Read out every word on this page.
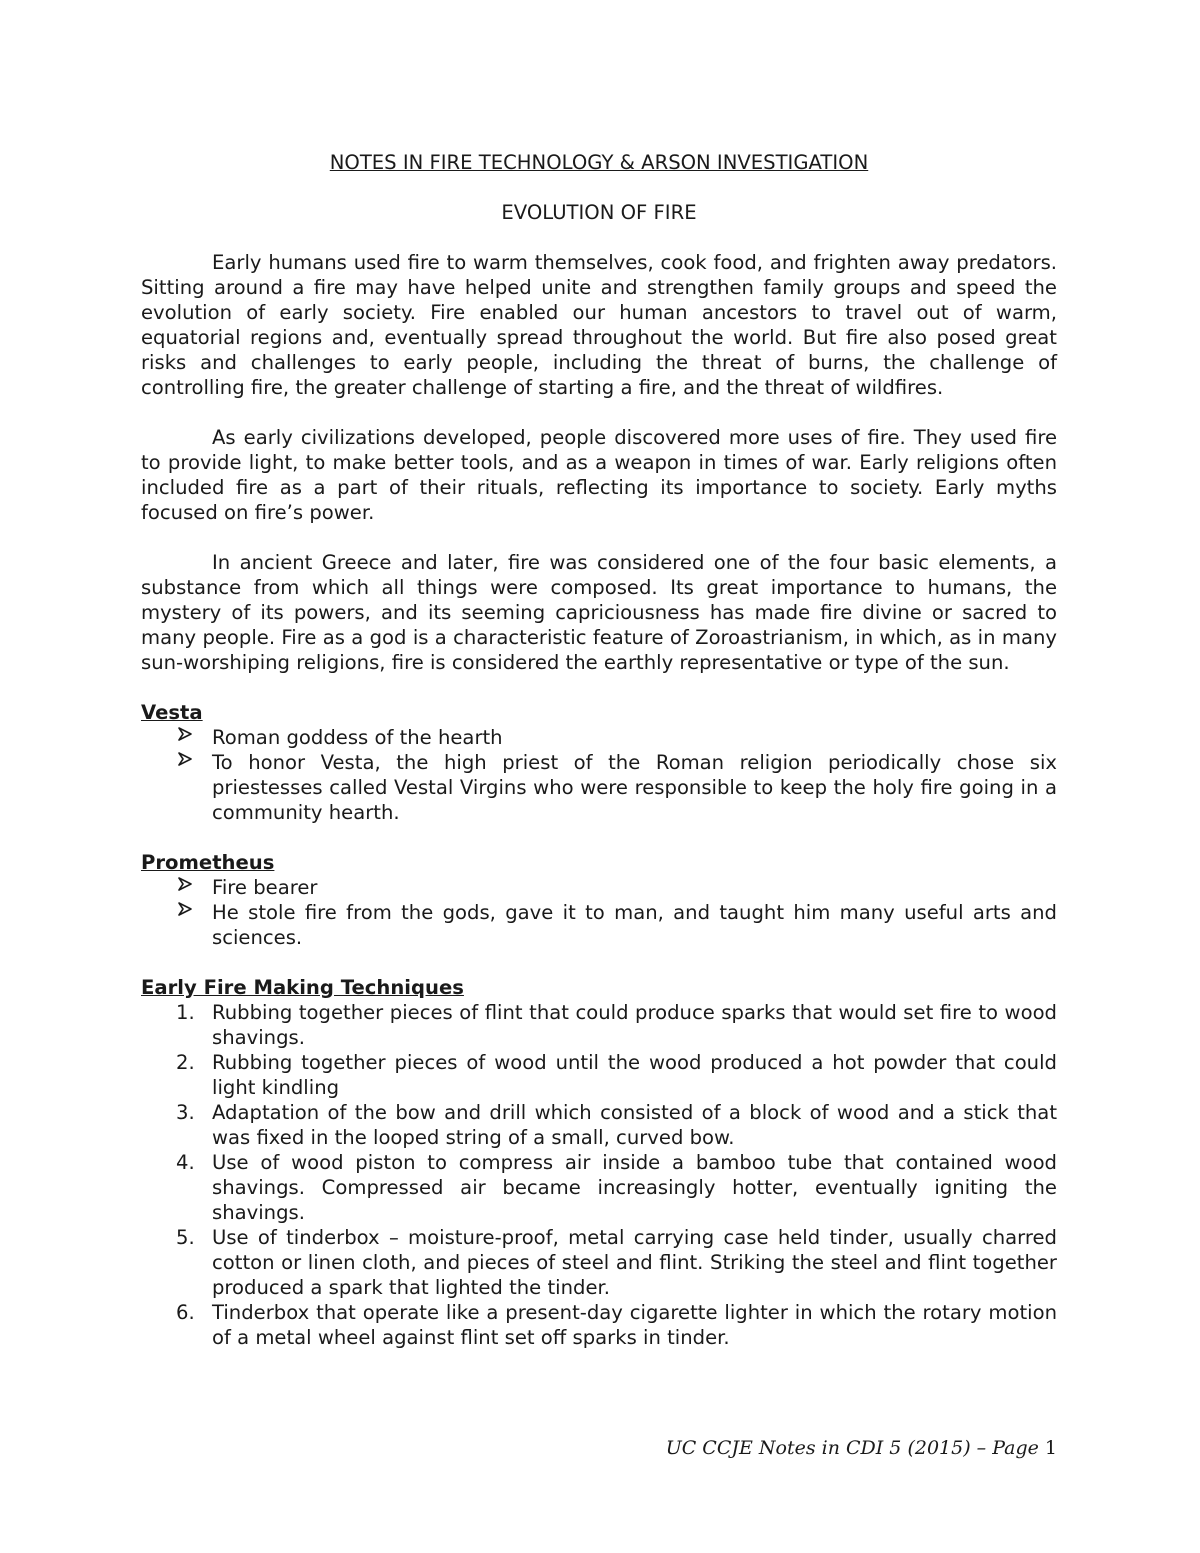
NOTES IN FIRE TECHNOLOGY & ARSON INVESTIGATION
EVOLUTION OF FIRE

Early humans used fire to warm themselves, cook food, and frighten away predators. Sitting around a fire may have helped unite and strengthen family groups and speed the evolution of early society. Fire enabled our human ancestors to travel out of warm, equatorial regions and, eventually spread throughout the world. But fire also posed great risks and challenges to early people, including the threat of burns, the challenge of controlling fire, the greater challenge of starting a fire, and the threat of wildfires.

As early civilizations developed, people discovered more uses of fire. They used fire to provide light, to make better tools, and as a weapon in times of war. Early religions often included fire as a part of their rituals, reflecting its importance to society. Early myths focused on fire’s power.

In ancient Greece and later, fire was considered one of the four basic elements, a substance from which all things were composed. Its great importance to humans, the mystery of its powers, and its seeming capriciousness has made fire divine or sacred to many people. Fire as a god is a characteristic feature of Zoroastrianism, in which, as in many sun-worshiping religions, fire is considered the earthly representative or type of the sun.

Vesta
Roman goddess of the hearth
To honor Vesta, the high priest of the Roman religion periodically chose six priestesses called Vestal Virgins who were responsible to keep the holy fire going in a community hearth.
Prometheus
Fire bearer
He stole fire from the gods, gave it to man, and taught him many useful arts and sciences.
Early Fire Making Techniques
1. Rubbing together pieces of flint that could produce sparks that would set fire to wood shavings.
2. Rubbing together pieces of wood until the wood produced a hot powder that could light kindling
3. Adaptation of the bow and drill which consisted of a block of wood and a stick that was fixed in the looped string of a small, curved bow.
4. Use of wood piston to compress air inside a bamboo tube that contained wood shavings. Compressed air became increasingly hotter, eventually igniting the shavings.
5. Use of tinderbox – moisture-proof, metal carrying case held tinder, usually charred cotton or linen cloth, and pieces of steel and flint. Striking the steel and flint together produced a spark that lighted the tinder.
6. Tinderbox that operate like a present-day cigarette lighter in which the rotary motion of a metal wheel against flint set off sparks in tinder.
UC CCJE Notes in CDI 5 (2015) – Page 1
